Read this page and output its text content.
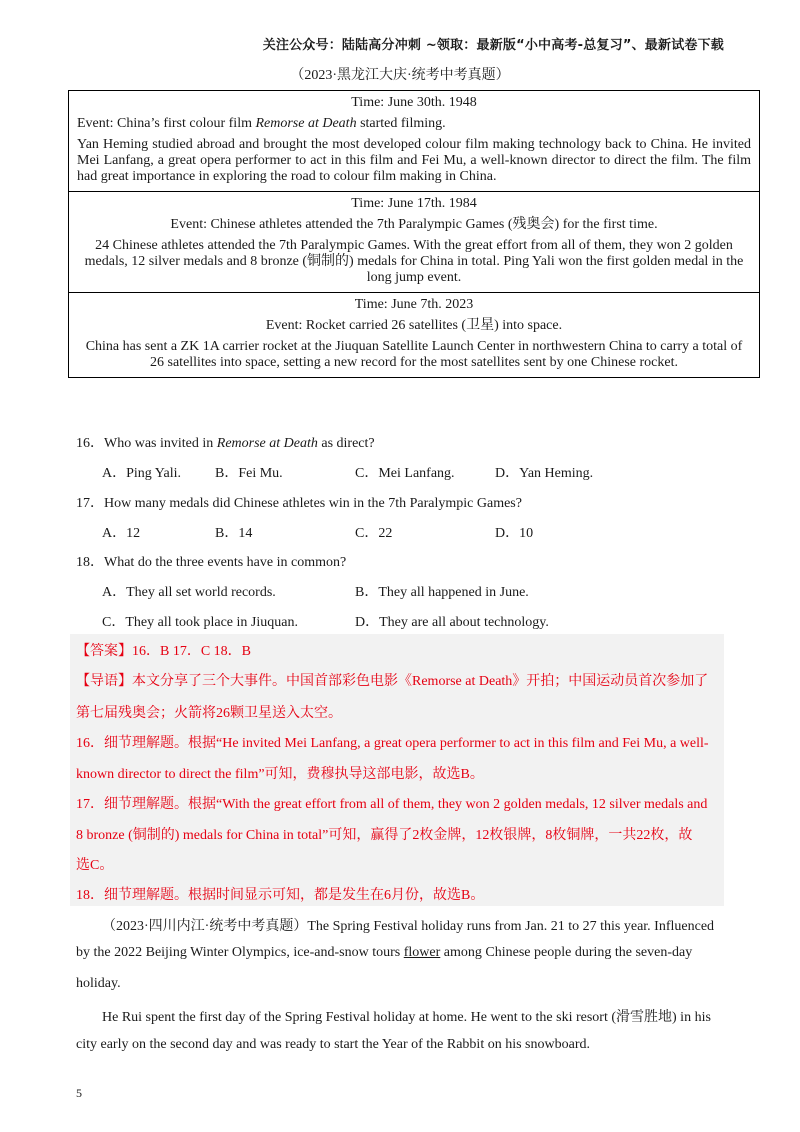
关注公众号：陆陆高分冲刺 ~领取：最新版“小中高考-总复习”、最新试卷下载
（2023·黑龙江大庆·统考中考真题）

Time: June 30th. 1948

Event: China’s first colour film Remorse at Death started filming.

Yan Heming studied abroad and brought the most developed colour film making technology back to China. He invited Mei Lanfang, a great opera performer to act in this film and Fei Mu, a well-known director to direct the film. The film had great importance in exploring the road to colour film making in China.

Time: June 17th. 1984

Event: Chinese athletes attended the 7th Paralympic Games (残奥会) for the first time.

24 Chinese athletes attended the 7th Paralympic Games. With the great effort from all of them, they won 2 golden medals, 12 silver medals and 8 bronze (铜制的) medals for China in total. Ping Yali won the first golden medal in the long jump event.

Time: June 7th. 2023

Event: Rocket carried 26 satellites (卫星) into space.

China has sent a ZK 1A carrier rocket at the Jiuquan Satellite Launch Center in northwestern China to carry a total of 26 satellites into space, setting a new record for the most satellites sent by one Chinese rocket.

16．Who was invited in Remorse at Death as direct?
A．Ping Yali. B．Fei Mu.	C．Mei Lanfang.	D．Yan Heming.
17．How many medals did Chinese athletes win in the 7th Paralympic Games?
A．12	B．14	C．22	D．10
18．What do the three events have in common?
A．They all set world records.	B．They all happened in June.
C．They all took place in Jiuquan.	D．They are all about technology.
【答案】16．B 17．C 18．B
【导语】本文分享了三个大事件。中国首部彩色电影《Remorse at Death》开拍；中国运动员首次参加了
第七届残奥会；火箭将26颗卫星送入太空。
16．细节理解题。根据“He invited Mei Lanfang, a great opera performer to act in this film and Fei Mu, a well-
known director to direct the film”可知，费穆执导这部电影，故选B。
17．细节理解题。根据“With the great effort from all of them, they won 2 golden medals, 12 silver medals and
8 bronze (铜制的) medals for China in total”可知，赢得了2枚金牌，12枚银牌，8枚铜牌，一共22枚，故
选C。
18．细节理解题。根据时间显示可知，都是发生在6月份，故选B。
（2023·四川内江·统考中考真题）The Spring Festival holiday runs from Jan. 21 to 27 this year. Influenced
by the 2022 Beijing Winter Olympics, ice-and-snow tours flower among Chinese people during the seven-day
holiday.
He Rui spent the first day of the Spring Festival holiday at home. He went to the ski resort (滑雪胜地) in his
city early on the second day and was ready to start the Year of the Rabbit on his snowboard.
5
